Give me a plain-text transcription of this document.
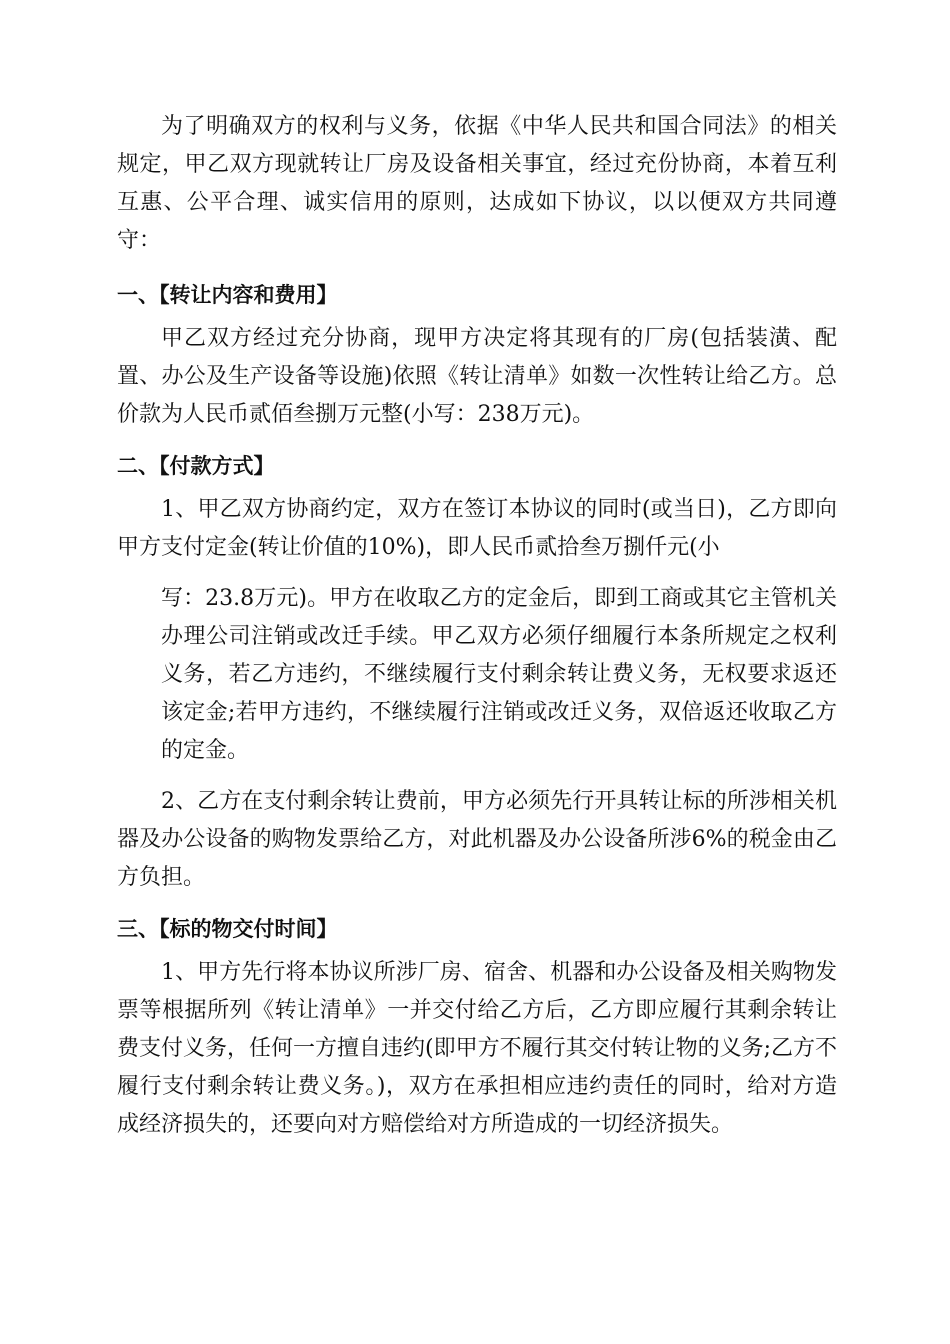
为了明确双方的权利与义务，依据《中华人民共和国合同法》的相关规定，甲乙双方现就转让厂房及设备相关事宜，经过充份协商，本着互利互惠、公平合理、诚实信用的原则，达成如下协议，以以便双方共同遵守：

一、【转让内容和费用】

甲乙双方经过充分协商，现甲方决定将其现有的厂房(包括装潢、配置、办公及生产设备等设施)依照《转让清单》如数一次性转让给乙方。总价款为人民币贰佰叁捌万元整(小写：238万元)。

二、【付款方式】

1、甲乙双方协商约定，双方在签订本协议的同时(或当日)，乙方即向甲方支付定金(转让价值的10%)，即人民币贰拾叁万捌仟元(小

写：23.8万元)。甲方在收取乙方的定金后，即到工商或其它主管机关办理公司注销或改迁手续。甲乙双方必须仔细履行本条所规定之权利义务，若乙方违约，不继续履行支付剩余转让费义务，无权要求返还该定金;若甲方违约，不继续履行注销或改迁义务，双倍返还收取乙方的定金。

2、乙方在支付剩余转让费前，甲方必须先行开具转让标的所涉相关机器及办公设备的购物发票给乙方，对此机器及办公设备所涉6%的税金由乙方负担。

三、【标的物交付时间】

1、甲方先行将本协议所涉厂房、宿舍、机器和办公设备及相关购物发票等根据所列《转让清单》一并交付给乙方后，乙方即应履行其剩余转让费支付义务，任何一方擅自违约(即甲方不履行其交付转让物的义务;乙方不履行支付剩余转让费义务。)，双方在承担相应违约责任的同时，给对方造成经济损失的，还要向对方赔偿给对方所造成的一切经济损失。
